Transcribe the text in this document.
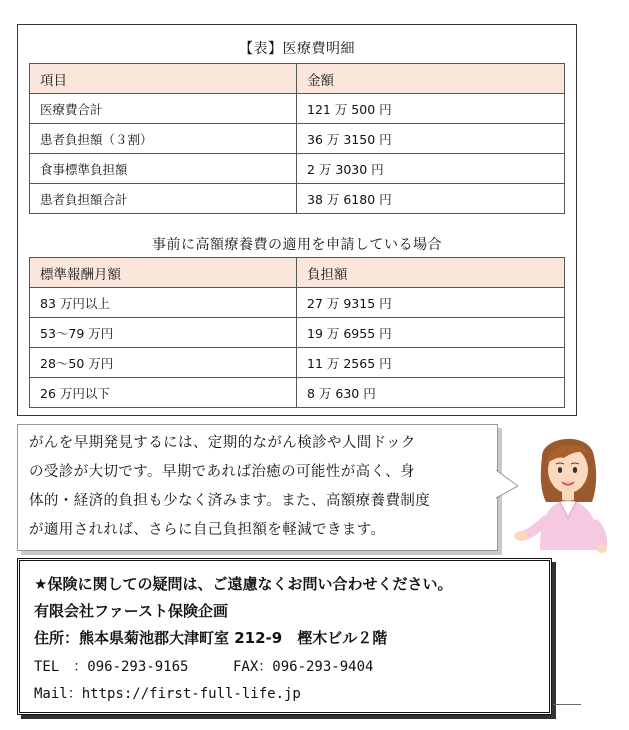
【表】医療費明細
項目	金額
医療費合計	121 万 500 円
患者負担額（３割）	36 万 3150 円
食事標準負担額	2 万 3030 円
患者負担額合計	38 万 6180 円
事前に高額療養費の適用を申請している場合
標準報酬月額	負担額
83 万円以上	27 万 9315 円
53〜79 万円	19 万 6955 円
28〜50 万円	11 万 2565 円
26 万円以下	8 万 630 円

がんを早期発見するには、定期的ながん検診や人間ドック
の受診が大切です。早期であれば治癒の可能性が高く、身
体的・経済的負担も少なく済みます。また、高額療養費制度
が適用されれば、さらに自己負担額を軽減できます。

★保険に関しての疑問は、ご遠慮なくお問い合わせください。
有限会社ファースト保険企画
住所：熊本県菊池郡大津町室 212-9　樫木ビル２階
TEL　：096-293-9165	FAX：096-293-9404
Mail：https://first-full-life.jp
